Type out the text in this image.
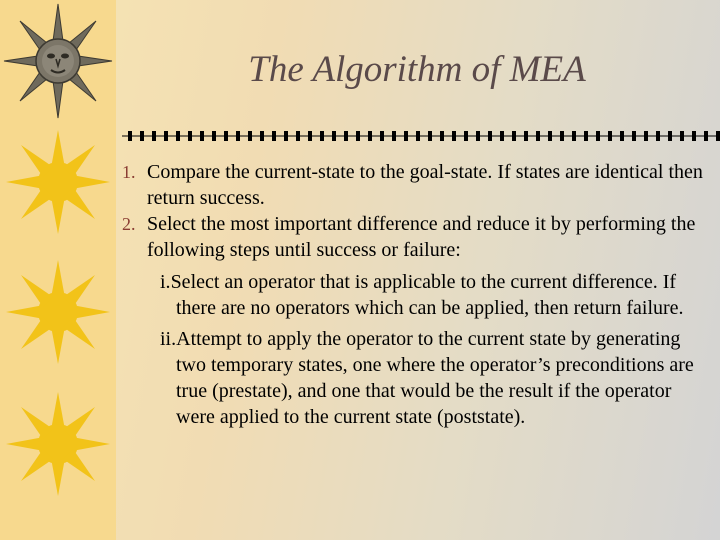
The Algorithm of MEA
1. Compare the current-state to the goal-state. If states are identical then return success.
2. Select the most important difference and reduce it by performing the following steps until success or failure:
i.Select an operator that is applicable to the current difference. If there are no operators which can be applied, then return failure.
ii.Attempt to apply the operator to the current state by generating two temporary states, one where the operator’s preconditions are true (prestate), and one that would be the result if the operator were applied to the current state (poststate).
